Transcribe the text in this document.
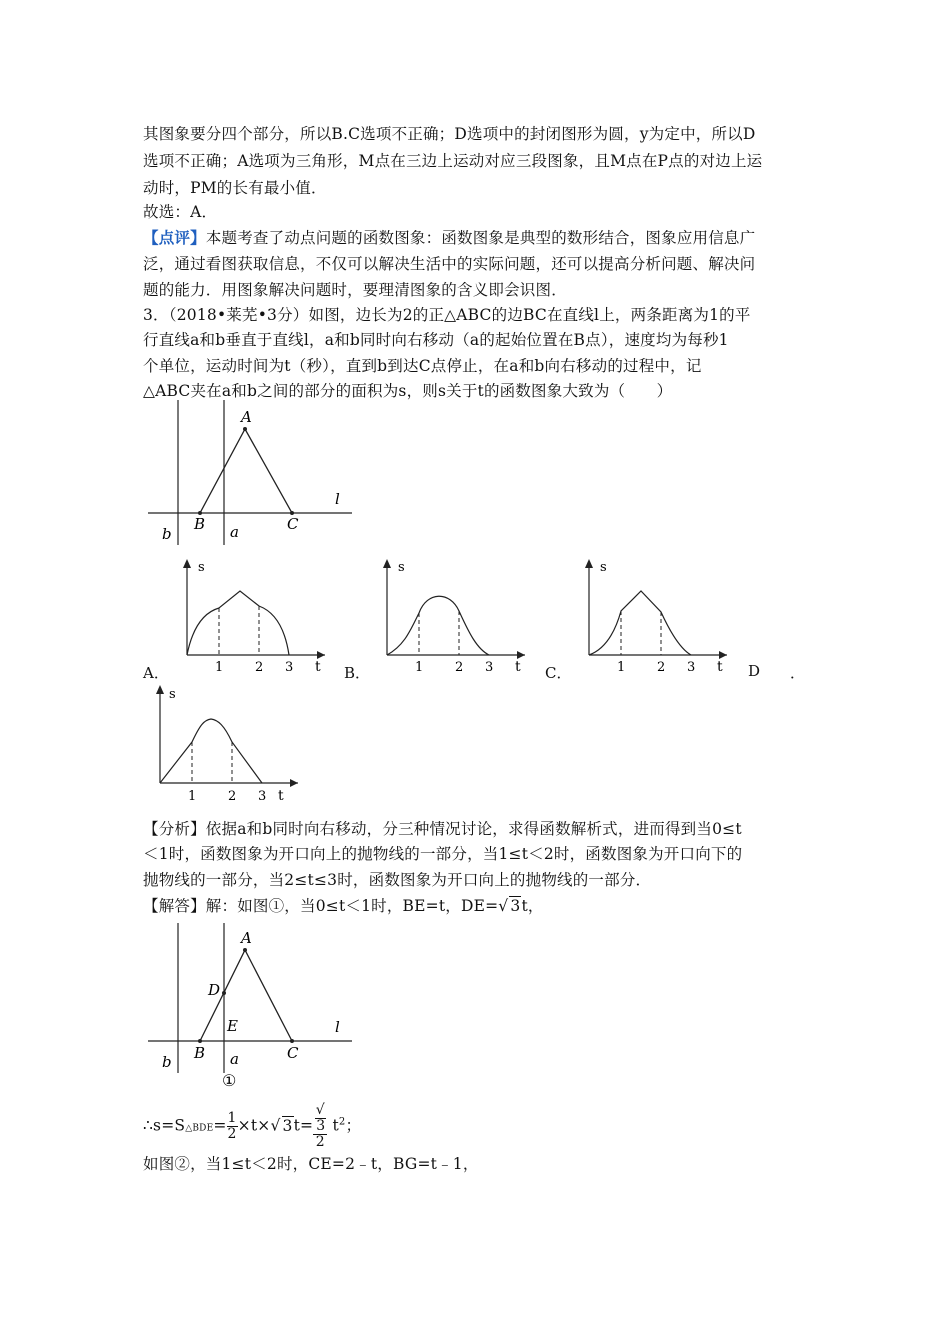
其图象要分四个部分，所以B.C选项不正确；D选项中的封闭图形为圆，y为定中，所以D
选项不正确；A选项为三角形，M点在三边上运动对应三段图象，且M点在P点的对边上运
动时，PM的长有最小值．
故选：A．
【点评】本题考查了动点问题的函数图象：函数图象是典型的数形结合，图象应用信息广
泛，通过看图获取信息，不仅可以解决生活中的实际问题，还可以提高分析问题、解决问
题的能力．用图象解决问题时，要理清图象的含义即会识图．
3．（2018•莱芜•3分）如图，边长为2的正△ABC的边BC在直线l上，两条距离为1的平
行直线a和b垂直于直线l，a和b同时向右移动（a的起始位置在B点），速度均为每秒1
个单位，运动时间为t（秒），直到b到达C点停止，在a和b向右移动的过程中，记
△ABC夹在a和b之间的部分的面积为s，则s关于t的函数图象大致为（　　）
A
B	C
l
a
b
s
t
1 2 3
A．
s
t
1 2 3
B．
s
t
1 2 3
C．	D ．
s
t
1 2 3
【分析】依据a和b同时向右移动，分三种情况讨论，求得函数解析式，进而得到当0≤t
＜1时，函数图象为开口向上的抛物线的一部分，当1≤t＜2时，函数图象为开口向下的
抛物线的一部分，当2≤t≤3时，函数图象为开口向上的抛物线的一部分．
【解答】解：如图①，当0≤t＜1时，BE=t，DE=√ 3t，
A
D
E
B	C
l
a
b
①
∴s=S△BDE= $\frac{1}{2} \times t\times√$ 3t= √
3
2 $t^2$；
如图②，当1≤t＜2时，CE=2﹣t，BG=t﹣1，
